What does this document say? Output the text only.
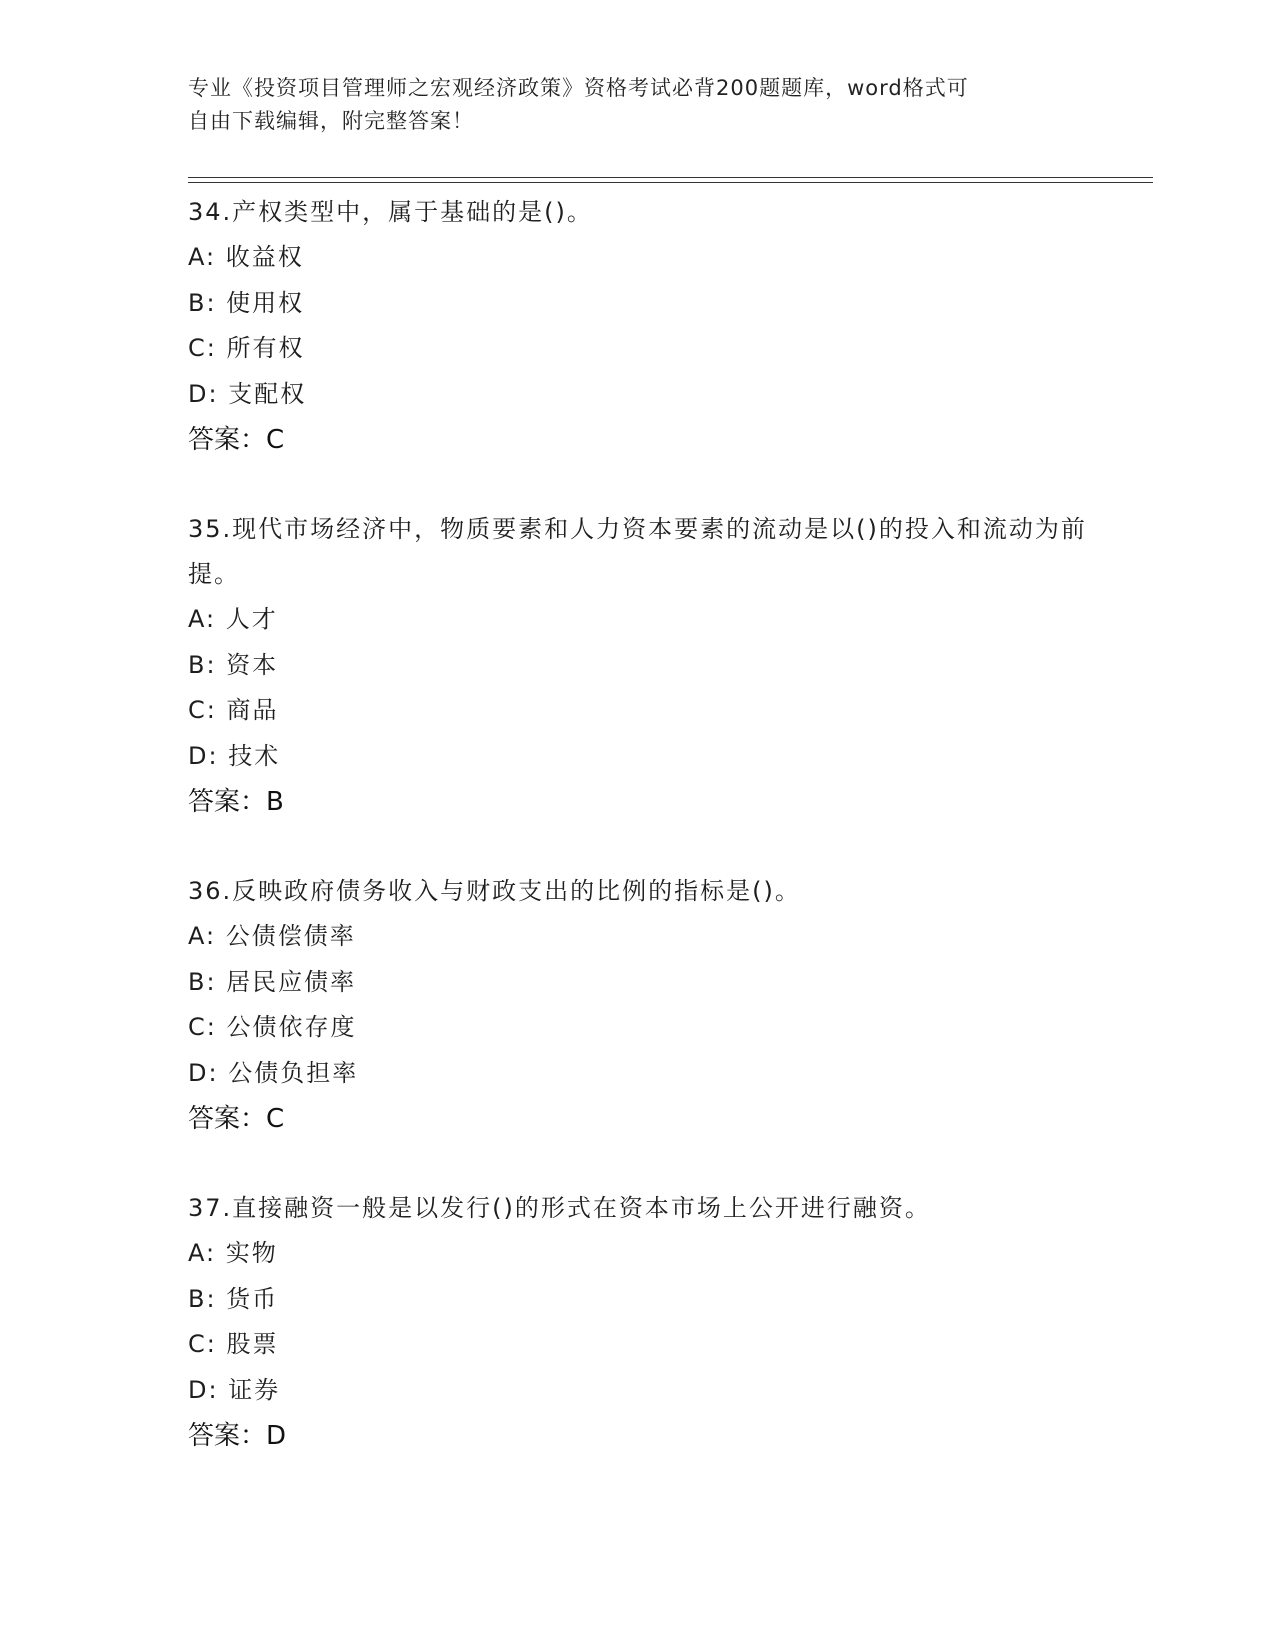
专业《投资项目管理师之宏观经济政策》资格考试必背200题题库，word格式可
自由下载编辑，附完整答案！
34.产权类型中，属于基础的是()。
A: 收益权
B: 使用权
C: 所有权
D: 支配权
答案：C
35.现代市场经济中，物质要素和人力资本要素的流动是以()的投入和流动为前提。
A: 人才
B: 资本
C: 商品
D: 技术
答案：B
36.反映政府债务收入与财政支出的比例的指标是()。
A: 公债偿债率
B: 居民应债率
C: 公债依存度
D: 公债负担率
答案：C
37.直接融资一般是以发行()的形式在资本市场上公开进行融资。
A: 实物
B: 货币
C: 股票
D: 证券
答案：D
